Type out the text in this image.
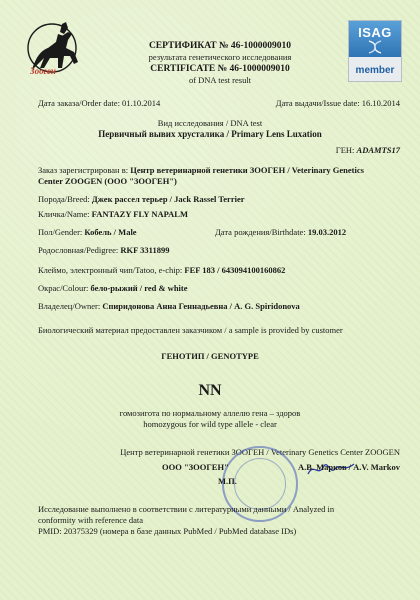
Зоoген
ISAG
member
СЕРТИФИКАТ № 46-1000009010
результата генетического исследования
CERTIFICATE № 46-1000009010
of DNA test result
Дата заказа/Order date: 01.10.2014	Дата выдачи/Issue date: 16.10.2014
Вид исследования / DNA test
Первичный вывих хрусталика / Primary Lens Luxation
ГЕН: ADAMTS17
Заказ зарегистрирован в: Центр ветеринарной генетики ЗООГЕН / Veterinary Genetics
Center ZOOGEN (ООО "ЗООГЕН")
Порода/Breed: Джек рассел терьер / Jack Rassel Terrier
Кличка/Name: FANTAZY FLY NAPALM
Пол/Gender: Кобель / Male	Дата рождения/Birthdate: 19.03.2012
Родословная/Pedigree: RKF 3311899
Клеймо, электронный чип/Tatoo, e-chip: FEF 183 / 643094100160862
Окрас/Colour: бело-рыжий / red & white
Владелец/Owner: Спиридонова Анна Геннадьевна / A. G. Spiridonova
Биологический материал предоставлен заказчиком / a sample is provided by customer
ГЕНОТИП / GENOTYPE
NN
гомозигота по нормальному аллелю гена – здоров
homozygous for wild type allele - clear
Центр ветеринарной генетики ЗООГЕН / Veterinary Genetics Center ZOOGEN
ООО "ЗООГЕН"
М.П.
А.В. Марков / A.V. Markov
Исследование выполнено в соответствии с литературными данными / Analyzed in
conformity with reference data
PMID: 20375329 (номера в базе данных PubMed / PubMed database IDs)
